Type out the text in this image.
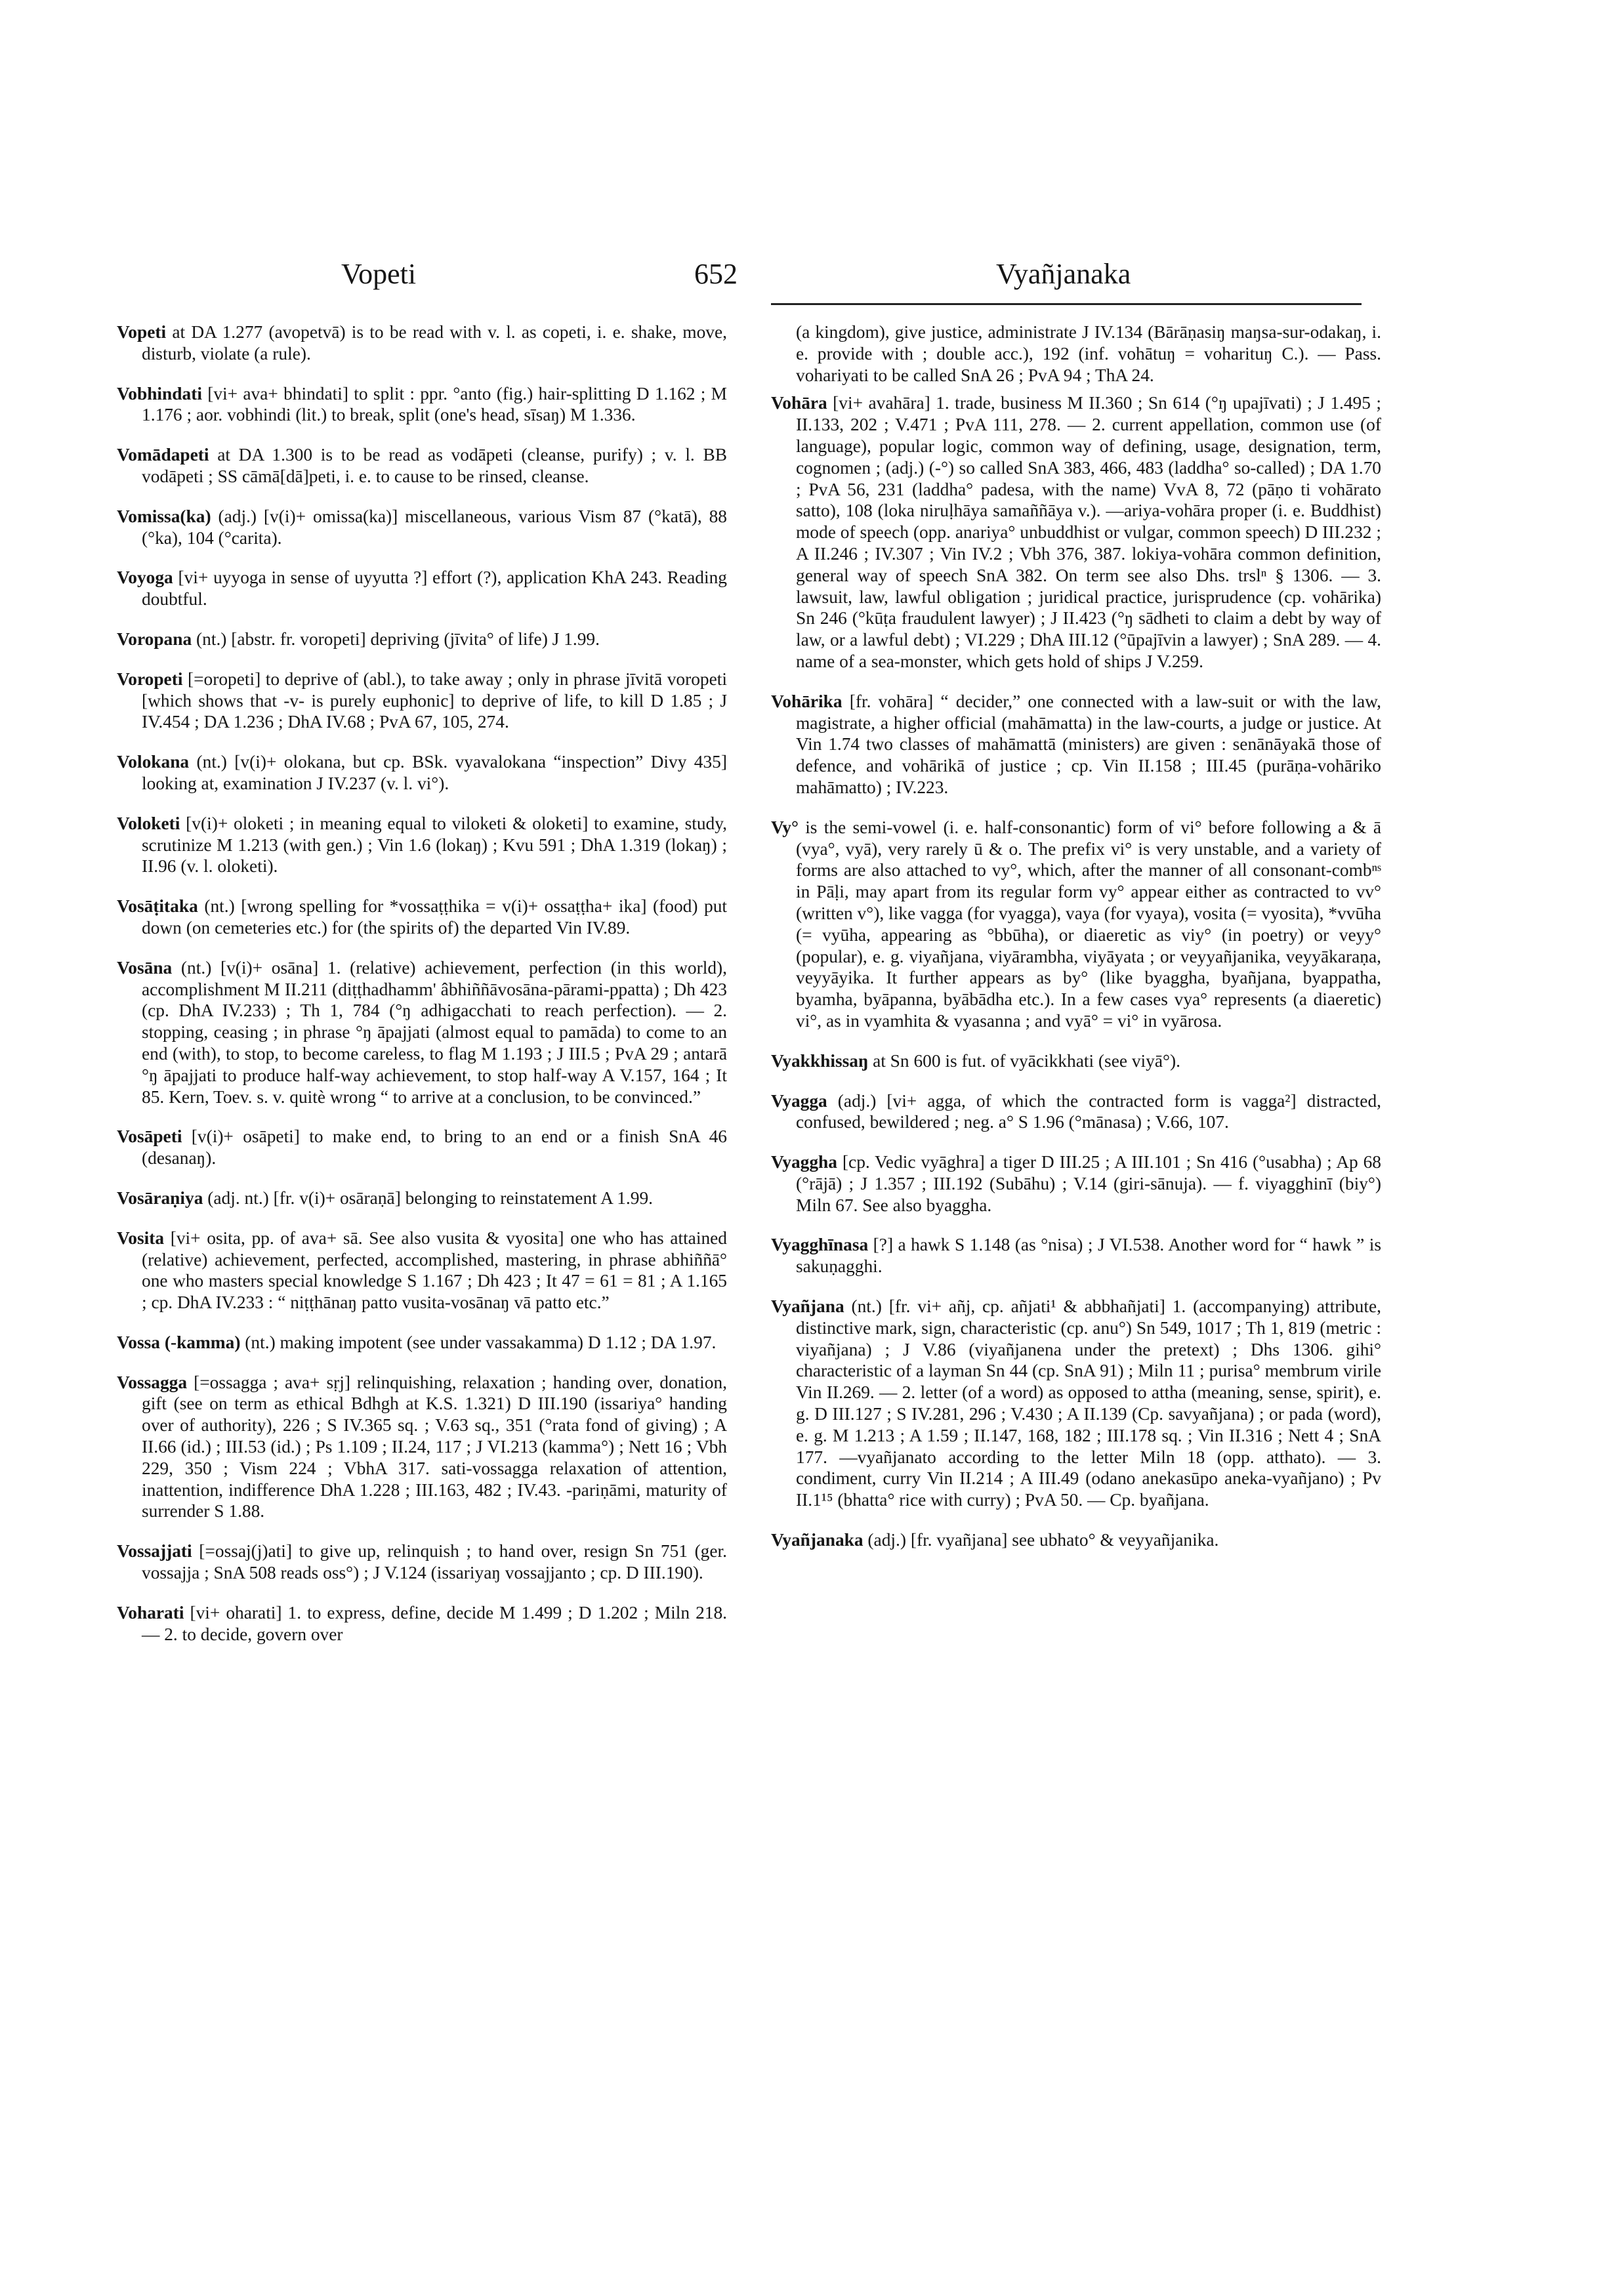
Vopeti	652	Vyañjanaka

Vopeti at DA 1.277 (avopetvā) is to be read with v. l. as copeti, i. e. shake, move, disturb, violate (a rule).

Vobhindati [vi+ ava+ bhindati] to split : ppr. °anto (fig.) hair-splitting D 1.162 ; M 1.176 ; aor. vobhindi (lit.) to break, split (one's head, sīsaŋ) M 1.336.

Vomādapeti at DA 1.300 is to be read as vodāpeti (cleanse, purify) ; v. l. BB vodāpeti ; SS cāmā[dā]peti, i. e. to cause to be rinsed, cleanse.

Vomissa(ka) (adj.) [v(i)+ omissa(ka)] miscellaneous, various Vism 87 (°katā), 88 (°ka), 104 (°carita).

Voyoga [vi+ uyyoga in sense of uyyutta ?] effort (?), application KhA 243. Reading doubtful.

Voropana (nt.) [abstr. fr. voropeti] depriving (jīvita° of life) J 1.99.

Voropeti [=oropeti] to deprive of (abl.), to take away ; only in phrase jīvitā voropeti [which shows that -v- is purely euphonic] to deprive of life, to kill D 1.85 ; J IV.454 ; DA 1.236 ; DhA IV.68 ; PvA 67, 105, 274.

Volokana (nt.) [v(i)+ olokana, but cp. BSk. vyavalokana “inspection” Divy 435] looking at, examination J IV.237 (v. l. vi°).

Voloketi [v(i)+ oloketi ; in meaning equal to viloketi & oloketi] to examine, study, scrutinize M 1.213 (with gen.) ; Vin 1.6 (lokaŋ) ; Kvu 591 ; DhA 1.319 (lokaŋ) ; II.96 (v. l. oloketi).

Vosāṭitaka (nt.) [wrong spelling for *vossaṭṭhika = v(i)+ ossaṭṭha+ ika] (food) put down (on cemeteries etc.) for (the spirits of) the departed Vin IV.89.

Vosāna (nt.) [v(i)+ osāna] 1. (relative) achievement, perfection (in this world), accomplishment M II.211 (diṭṭhadhamm' âbhiññāvosāna-pārami-ppatta) ; Dh 423 (cp. DhA IV.233) ; Th 1, 784 (°ŋ adhigacchati to reach perfection). — 2. stopping, ceasing ; in phrase °ŋ āpajjati (almost equal to pamāda) to come to an end (with), to stop, to become careless, to flag M 1.193 ; J III.5 ; PvA 29 ; antarā °ŋ āpajjati to produce half-way achievement, to stop half-way A V.157, 164 ; It 85. Kern, Toev. s. v. quitè wrong “ to arrive at a conclusion, to be convinced.”

Vosāpeti [v(i)+ osāpeti] to make end, to bring to an end or a finish SnA 46 (desanaŋ).

Vosāraṇiya (adj. nt.) [fr. v(i)+ osāraṇā] belonging to reinstatement A 1.99.

Vosita [vi+ osita, pp. of ava+ sā. See also vusita & vyosita] one who has attained (relative) achievement, perfected, accomplished, mastering, in phrase abhiññā° one who masters special knowledge S 1.167 ; Dh 423 ; It 47 = 61 = 81 ; A 1.165 ; cp. DhA IV.233 : “ niṭṭhānaŋ patto vusita-vosānaŋ vā patto etc.”

Vossa (-kamma) (nt.) making impotent (see under vassakamma) D 1.12 ; DA 1.97.

Vossagga [=ossagga ; ava+ sṛj] relinquishing, relaxation ; handing over, donation, gift (see on term as ethical Bdhgh at K.S. 1.321) D III.190 (issariya° handing over of authority), 226 ; S IV.365 sq. ; V.63 sq., 351 (°rata fond of giving) ; A II.66 (id.) ; III.53 (id.) ; Ps 1.109 ; II.24, 117 ; J VI.213 (kamma°) ; Nett 16 ; Vbh 229, 350 ; Vism 224 ; VbhA 317. sati-vossagga relaxation of attention, inattention, indifference DhA 1.228 ; III.163, 482 ; IV.43. -pariṇāmi, maturity of surrender S 1.88.

Vossajjati [=ossaj(j)ati] to give up, relinquish ; to hand over, resign Sn 751 (ger. vossajja ; SnA 508 reads oss°) ; J V.124 (issariyaŋ vossajjanto ; cp. D III.190).

Voharati [vi+ oharati] 1. to express, define, decide M 1.499 ; D 1.202 ; Miln 218. — 2. to decide, govern over

(a kingdom), give justice, administrate J IV.134 (Bārāṇasiŋ maŋsa-sur-odakaŋ, i. e. provide with ; double acc.), 192 (inf. vohātuŋ = voharituŋ C.). — Pass. vohariyati to be called SnA 26 ; PvA 94 ; ThA 24.

Vohāra [vi+ avahāra] 1. trade, business M II.360 ; Sn 614 (°ŋ upajīvati) ; J 1.495 ; II.133, 202 ; V.471 ; PvA 111, 278. — 2. current appellation, common use (of language), popular logic, common way of defining, usage, designation, term, cognomen ; (adj.) (-°) so called SnA 383, 466, 483 (laddha° so-called) ; DA 1.70 ; PvA 56, 231 (laddha° padesa, with the name) VvA 8, 72 (pāṇo ti vohārato satto), 108 (loka niruḷhāya samaññāya v.). —ariya-vohāra proper (i. e. Buddhist) mode of speech (opp. anariya° unbuddhist or vulgar, common speech) D III.232 ; A II.246 ; IV.307 ; Vin IV.2 ; Vbh 376, 387. lokiya-vohāra common definition, general way of speech SnA 382. On term see also Dhs. trslⁿ § 1306. — 3. lawsuit, law, lawful obligation ; juridical practice, jurisprudence (cp. vohārika) Sn 246 (°kūṭa fraudulent lawyer) ; J II.423 (°ŋ sādheti to claim a debt by way of law, or a lawful debt) ; VI.229 ; DhA III.12 (°ūpajīvin a lawyer) ; SnA 289. — 4. name of a sea-monster, which gets hold of ships J V.259.

Vohārika [fr. vohāra] “ decider,” one connected with a law-suit or with the law, magistrate, a higher official (mahāmatta) in the law-courts, a judge or justice. At Vin 1.74 two classes of mahāmattā (ministers) are given : senānāyakā those of defence, and vohārikā of justice ; cp. Vin II.158 ; III.45 (purāṇa-vohāriko mahāmatto) ; IV.223.

Vy° is the semi-vowel (i. e. half-consonantic) form of vi° before following a & ā (vya°, vyā), very rarely ū & o. The prefix vi° is very unstable, and a variety of forms are also attached to vy°, which, after the manner of all consonant-combⁿˢ in Pāḷi, may apart from its regular form vy° appear either as contracted to vv° (written v°), like vagga (for vyagga), vaya (for vyaya), vosita (= vyosita), *vvūha (= vyūha, appearing as °bbūha), or diaeretic as viy° (in poetry) or veyy° (popular), e. g. viyañjana, viyārambha, viyāyata ; or veyyañjanika, veyyākaraṇa, veyyāyika. It further appears as by° (like byaggha, byañjana, byappatha, byamha, byāpanna, byābādha etc.). In a few cases vya° represents (a diaeretic) vi°, as in vyamhita & vyasanna ; and vyā° = vi° in vyārosa.

Vyakkhissaŋ at Sn 600 is fut. of vyācikkhati (see viyā°).

Vyagga (adj.) [vi+ agga, of which the contracted form is vagga²] distracted, confused, bewildered ; neg. a° S 1.96 (°mānasa) ; V.66, 107.

Vyaggha [cp. Vedic vyāghra] a tiger D III.25 ; A III.101 ; Sn 416 (°usabha) ; Ap 68 (°rājā) ; J 1.357 ; III.192 (Subāhu) ; V.14 (giri-sānuja). — f. viyagghinī (biy°) Miln 67. See also byaggha.

Vyagghīnasa [?] a hawk S 1.148 (as °nisa) ; J VI.538. Another word for “ hawk ” is sakuṇagghi.

Vyañjana (nt.) [fr. vi+ añj, cp. añjati¹ & abbhañjati] 1. (accompanying) attribute, distinctive mark, sign, characteristic (cp. anu°) Sn 549, 1017 ; Th 1, 819 (metric : viyañjana) ; J V.86 (viyañjanena under the pretext) ; Dhs 1306. gihi° characteristic of a layman Sn 44 (cp. SnA 91) ; Miln 11 ; purisa° membrum virile Vin II.269. — 2. letter (of a word) as opposed to attha (meaning, sense, spirit), e. g. D III.127 ; S IV.281, 296 ; V.430 ; A II.139 (Cp. savyañjana) ; or pada (word), e. g. M 1.213 ; A 1.59 ; II.147, 168, 182 ; III.178 sq. ; Vin II.316 ; Nett 4 ; SnA 177. —vyañjanato according to the letter Miln 18 (opp. atthato). — 3. condiment, curry Vin II.214 ; A III.49 (odano anekasūpo aneka-vyañjano) ; Pv II.1¹⁵ (bhatta° rice with curry) ; PvA 50. — Cp. byañjana.

Vyañjanaka (adj.) [fr. vyañjana] see ubhato° & veyyañjanika.
